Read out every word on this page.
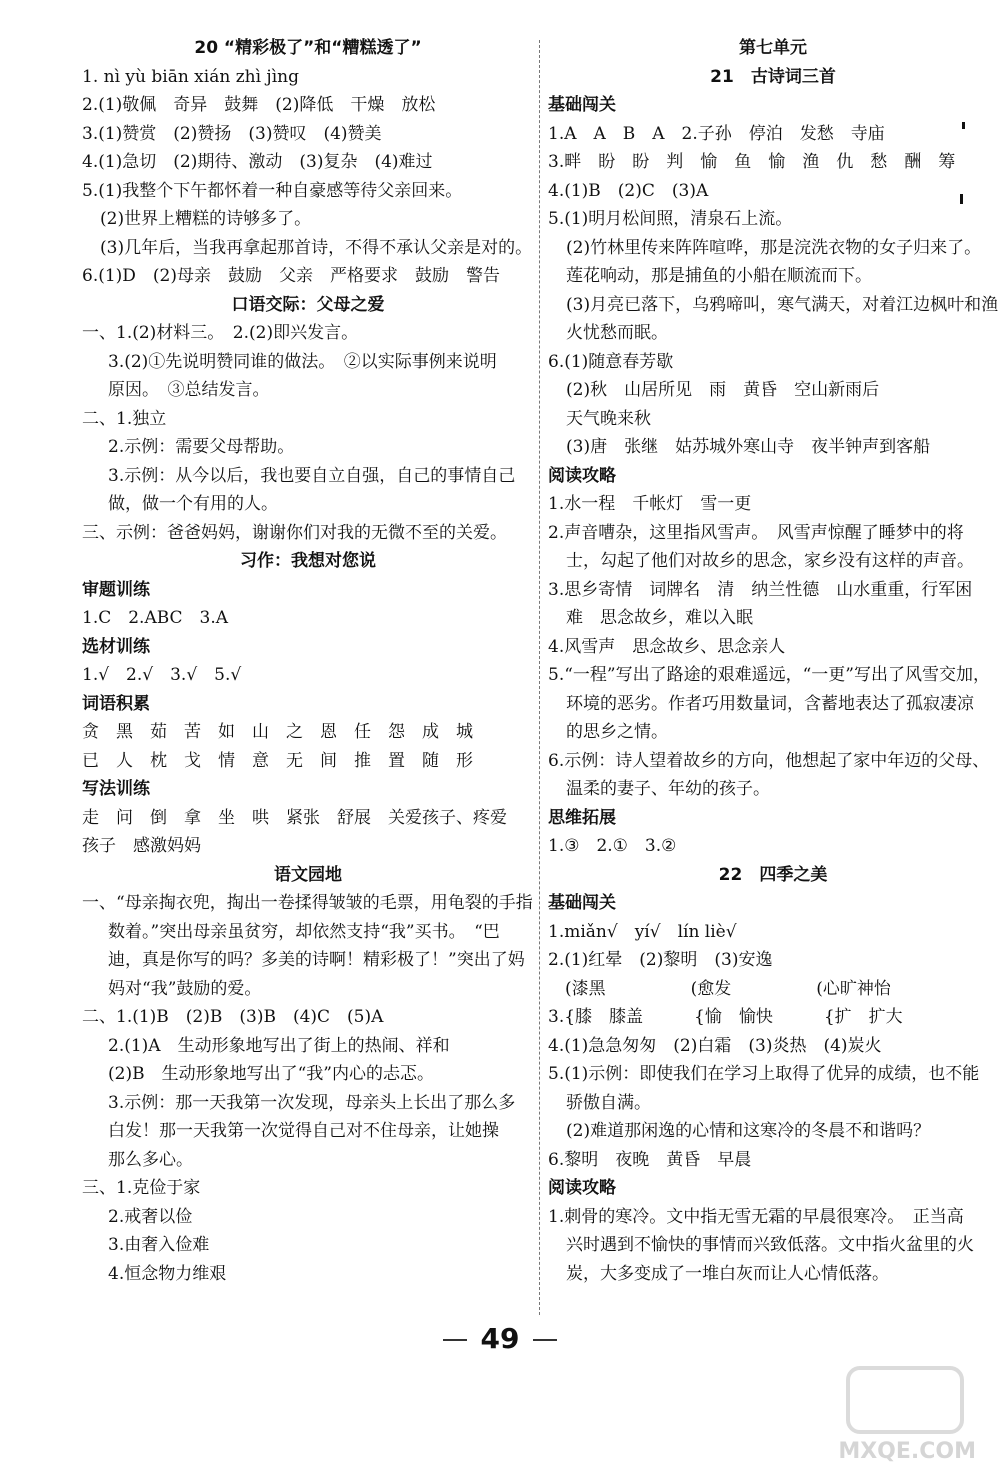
20 “精彩极了”和“糟糕透了”
1. nì yù biān xián zhì jìng
2.(1)敬佩　奇异　鼓舞　(2)降低　干燥　放松
3.(1)赞赏　(2)赞扬　(3)赞叹　(4)赞美
4.(1)急切　(2)期待、激动　(3)复杂　(4)难过
5.(1)我整个下午都怀着一种自豪感等待父亲回来。
(2)世界上糟糕的诗够多了。
(3)几年后，当我再拿起那首诗，不得不承认父亲是对的。
6.(1)D　(2)母亲　鼓励　父亲　严格要求　鼓励　警告
口语交际：父母之爱
一、1.(2)材料三。　2.(2)即兴发言。
3.(2)①先说明赞同谁的做法。　②以实际事例来说明
原因。　③总结发言。
二、1.独立
2.示例：需要父母帮助。
3.示例：从今以后，我也要自立自强，自己的事情自己
做，做一个有用的人。
三、示例：爸爸妈妈，谢谢你们对我的无微不至的关爱。
习作：我想对您说
审题训练
1.C　2.ABC　3.A
选材训练
1.√　2.√　3.√　5.√
词语积累
贪　黑　茹　苦　如　山　之　恩　任　怨　成　城
已　人　枕　戈　情　意　无　间　推　置　随　形
写法训练
走　问　倒　拿　坐　哄　紧张　舒展　关爱孩子、疼爱
孩子　感激妈妈
语文园地
一、“母亲掏衣兜，掏出一卷揉得皱皱的毛票，用龟裂的手指
数着。”突出母亲虽贫穷，却依然支持“我”买书。　“巴
迪，真是你写的吗？多美的诗啊！精彩极了！”突出了妈
妈对“我”鼓励的爱。
二、1.(1)B　(2)B　(3)B　(4)C　(5)A
2.(1)A　生动形象地写出了街上的热闹、祥和
(2)B　生动形象地写出了“我”内心的忐忑。
3.示例：那一天我第一次发现，母亲头上长出了那么多
白发！那一天我第一次觉得自己对不住母亲，让她操
那么多心。
三、1.克俭于家
2.戒奢以俭
3.由奢入俭难
4.恒念物力维艰
第七单元
21　古诗词三首
基础闯关
1.A　A　B　A　2.子孙　停泊　发愁　寺庙
3.畔　盼　盼　判　愉　鱼　愉　渔　仇　愁　酬　筹
4.(1)B　(2)C　(3)A
5.(1)明月松间照，清泉石上流。
(2)竹林里传来阵阵喧哗，那是浣洗衣物的女子归来了。
莲花响动，那是捕鱼的小船在顺流而下。
(3)月亮已落下，乌鸦啼叫，寒气满天，对着江边枫叶和渔
火忧愁而眠。
6.(1)随意春芳歇
(2)秋　山居所见　雨　黄昏　空山新雨后
天气晚来秋
(3)唐　张继　姑苏城外寒山寺　夜半钟声到客船
阅读攻略
1.水一程　千帐灯　雪一更
2.声音嘈杂，这里指风雪声。　风雪声惊醒了睡梦中的将
士，勾起了他们对故乡的思念，家乡没有这样的声音。
3.思乡寄情　词牌名　清　纳兰性德　山水重重，行军困
难　思念故乡，难以入眠
4.风雪声　思念故乡、思念亲人
5.“一程”写出了路途的艰难遥远，“一更”写出了风雪交加，
环境的恶劣。作者巧用数量词，含蓄地表达了孤寂凄凉
的思乡之情。
6.示例：诗人望着故乡的方向，他想起了家中年迈的父母、
温柔的妻子、年幼的孩子。
思维拓展
1.③　2.①　3.②
22　四季之美
基础闯关
1.miǎn√　yí√　lín liè√
2.(1)红晕　(2)黎明　(3)安逸
　(漆黑　　　　　(愈发　　　　　(心旷神怡
3.{膝　膝盖　　　{愉　愉快　　　{扩　扩大
4.(1)急急匆匆　(2)白霜　(3)炎热　(4)炭火
5.(1)示例：即使我们在学习上取得了优异的成绩，也不能
骄傲自满。
(2)难道那闲逸的心情和这寒冷的冬晨不和谐吗？
6.黎明　夜晚　黄昏　早晨
阅读攻略
1.刺骨的寒冷。文中指无雪无霜的早晨很寒冷。　正当高
兴时遇到不愉快的事情而兴致低落。文中指火盆里的火
炭，大多变成了一堆白灰而让人心情低落。
49
MXQE.COM
